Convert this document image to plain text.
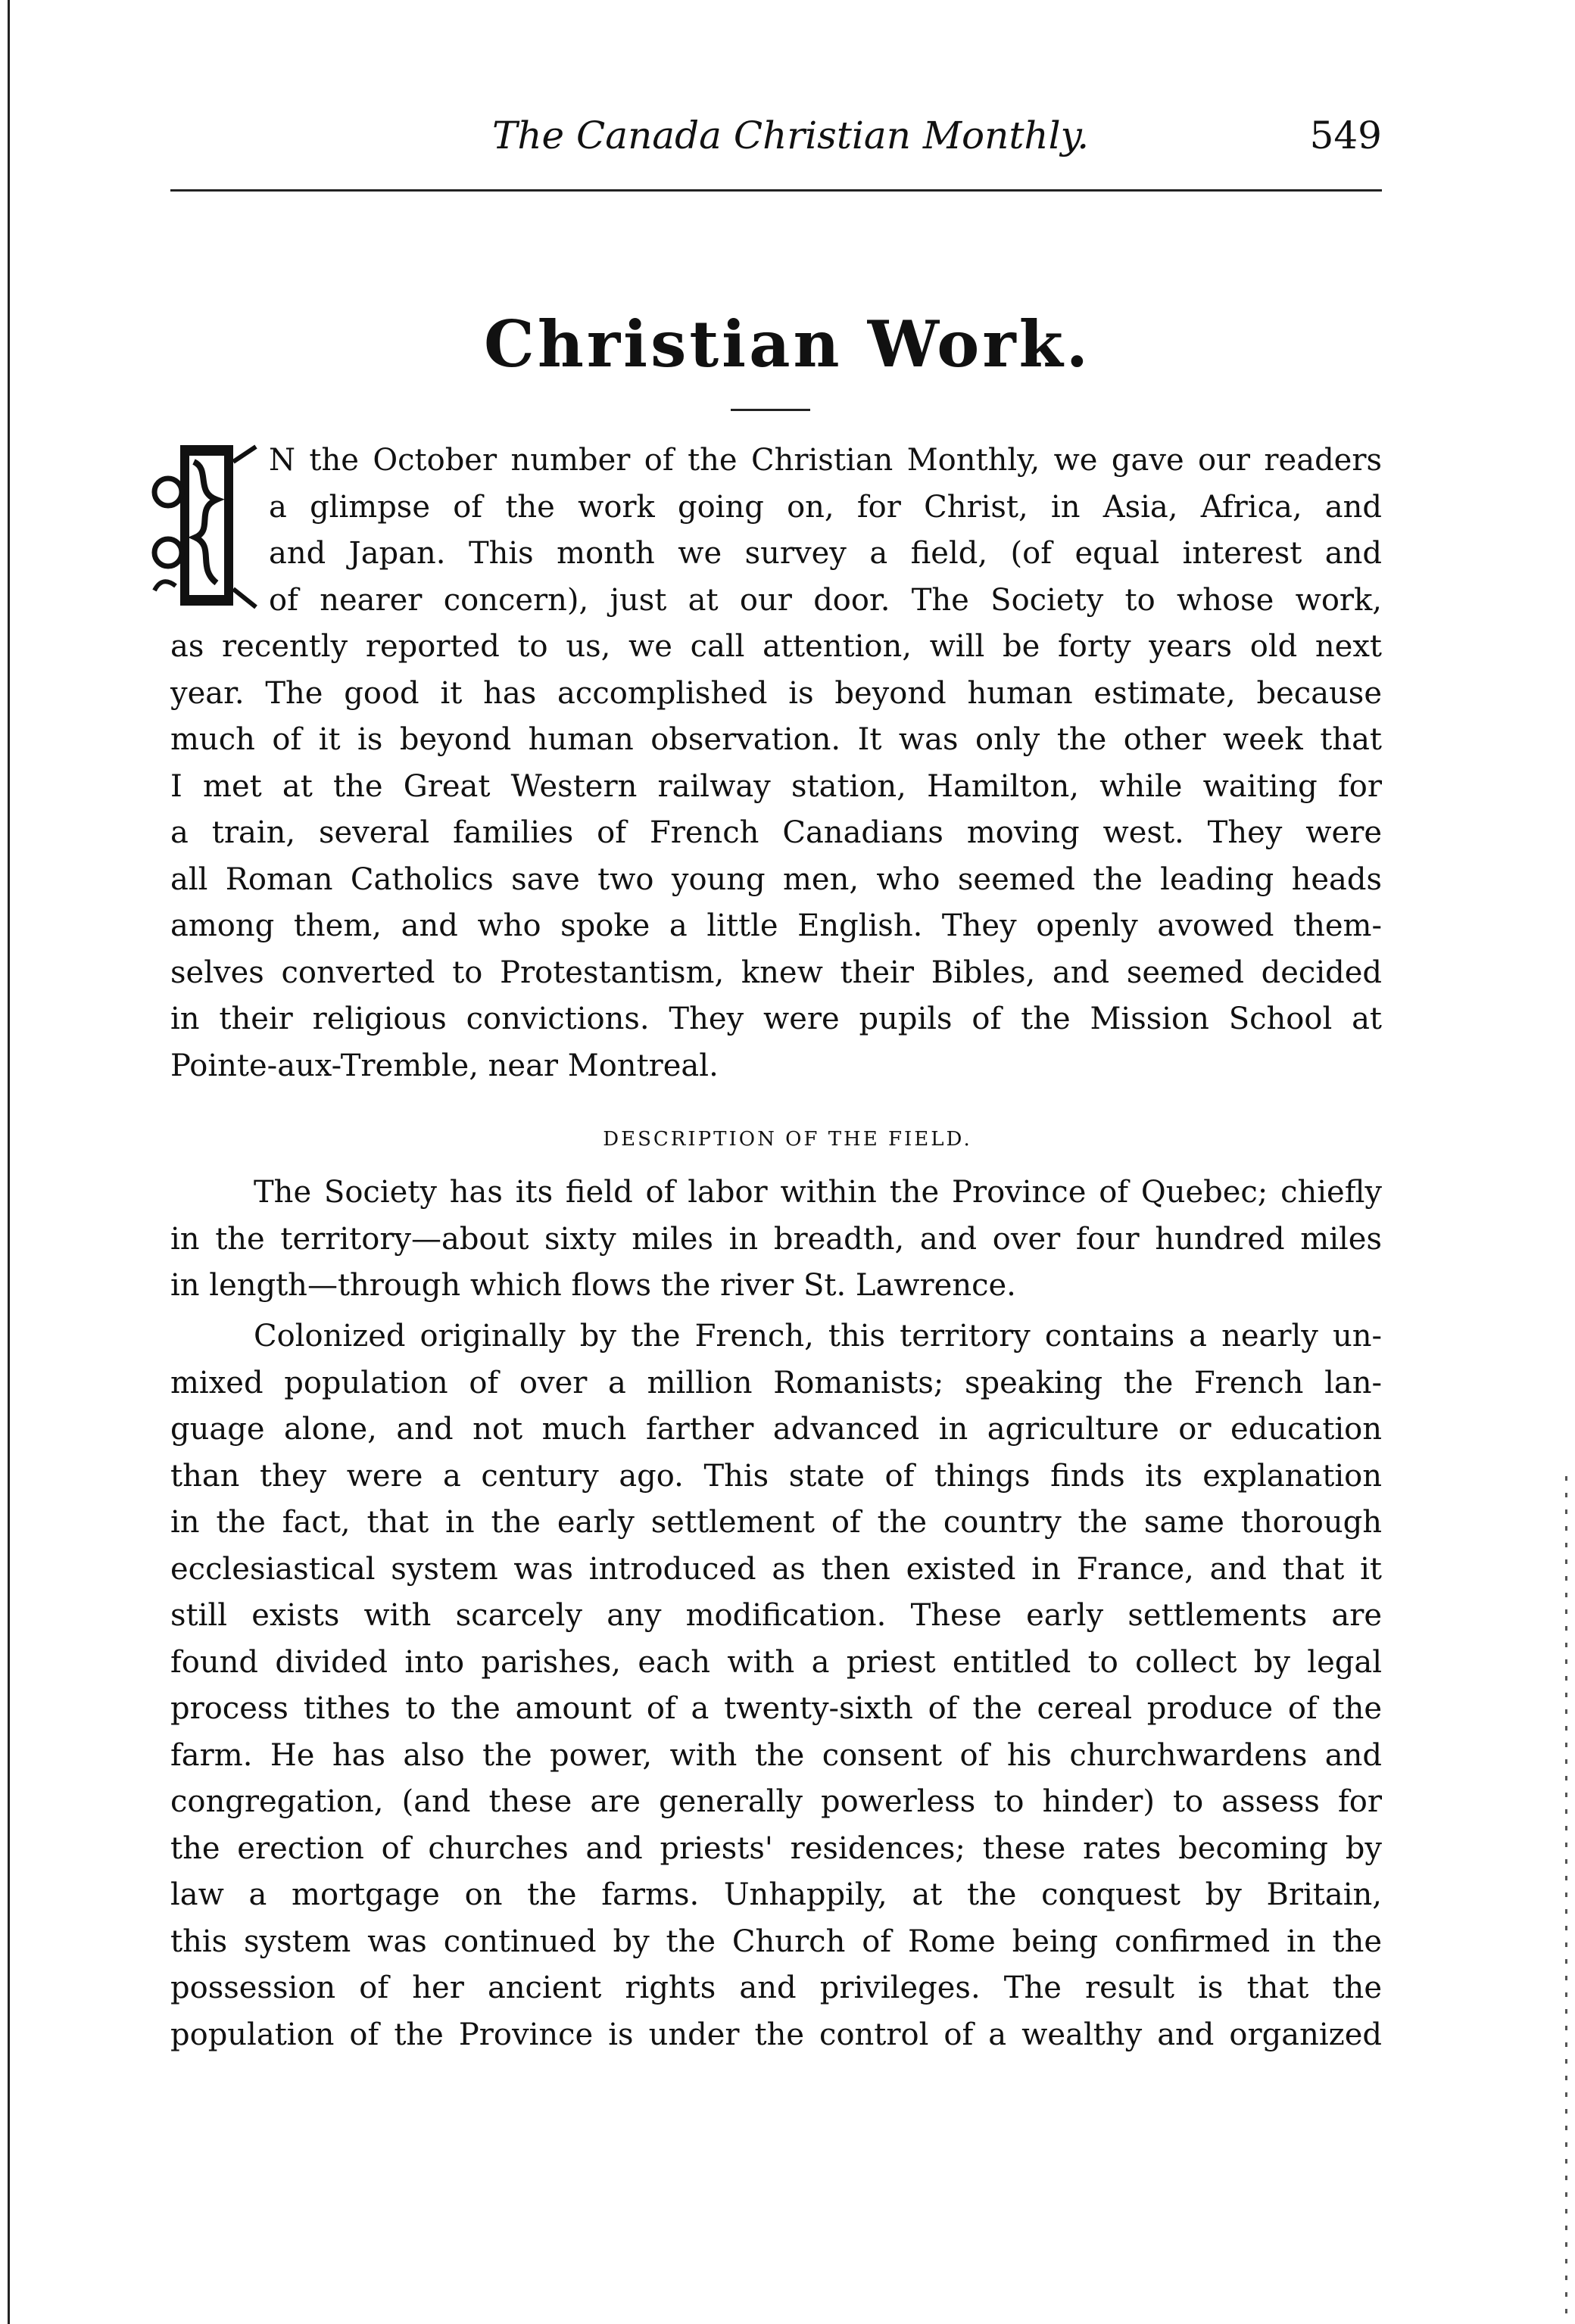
The Canada Christian Monthly.	549
Christian Work.
N the October number of the Christian Monthly, we gave our readers
a glimpse of the work going on, for Christ, in Asia, Africa, and
and Japan. This month we survey a field, (of equal interest and
of nearer concern), just at our door. The Society to whose work,
as recently reported to us, we call attention, will be forty years old next
year. The good it has accomplished is beyond human estimate, because
much of it is beyond human observation. It was only the other week that
I met at the Great Western railway station, Hamilton, while waiting for
a train, several families of French Canadians moving west. They were
all Roman Catholics save two young men, who seemed the leading heads
among them, and who spoke a little English. They openly avowed them-
selves converted to Protestantism, knew their Bibles, and seemed decided
in their religious convictions. They were pupils of the Mission School at
Pointe-aux-Tremble, near Montreal.
DESCRIPTION OF THE FIELD.
The Society has its field of labor within the Province of Quebec; chiefly
in the territory—about sixty miles in breadth, and over four hundred miles
in length—through which flows the river St. Lawrence.
Colonized originally by the French, this territory contains a nearly un-
mixed population of over a million Romanists; speaking the French lan-
guage alone, and not much farther advanced in agriculture or education
than they were a century ago. This state of things finds its explanation
in the fact, that in the early settlement of the country the same thorough
ecclesiastical system was introduced as then existed in France, and that it
still exists with scarcely any modification. These early settlements are
found divided into parishes, each with a priest entitled to collect by legal
process tithes to the amount of a twenty-sixth of the cereal produce of the
farm. He has also the power, with the consent of his churchwardens and
congregation, (and these are generally powerless to hinder) to assess for
the erection of churches and priests' residences; these rates becoming by
law a mortgage on the farms. Unhappily, at the conquest by Britain,
this system was continued by the Church of Rome being confirmed in the
possession of her ancient rights and privileges. The result is that the
population of the Province is under the control of a wealthy and organized
